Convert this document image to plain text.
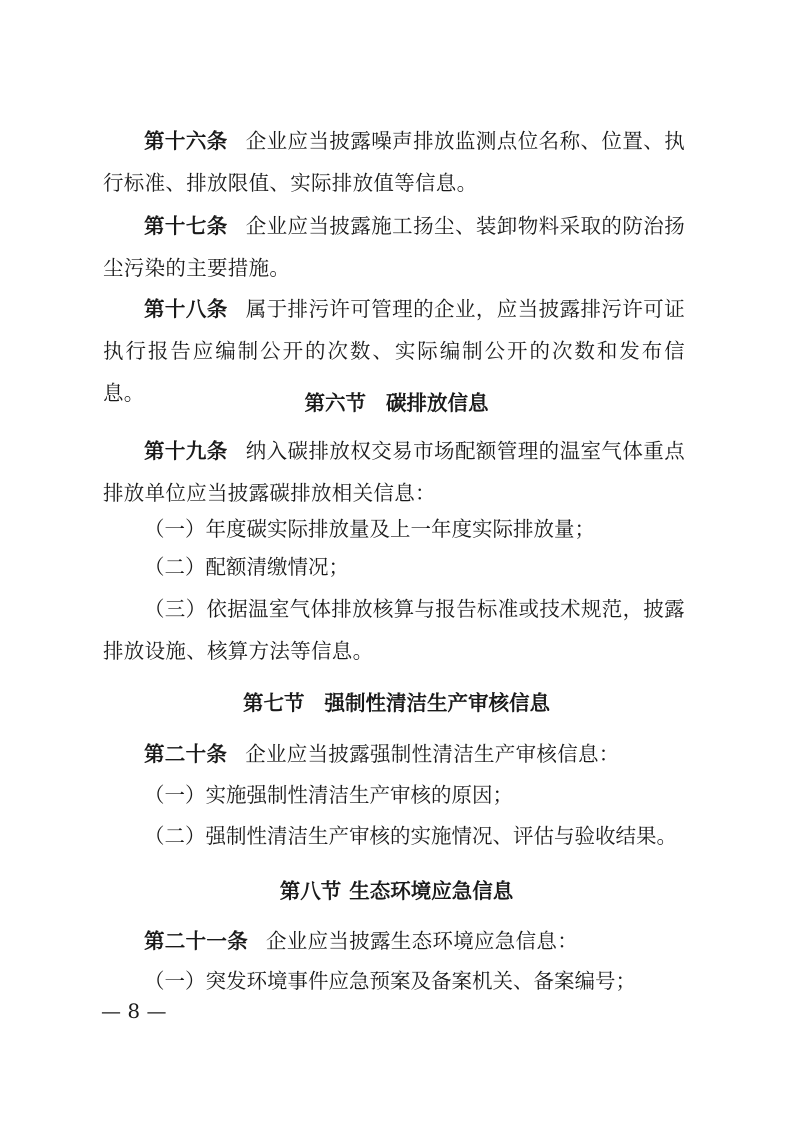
第十六条 企业应当披露噪声排放监测点位名称、位置、执行标准、排放限值、实际排放值等信息。

第十七条 企业应当披露施工扬尘、装卸物料采取的防治扬尘污染的主要措施。

第十八条 属于排污许可管理的企业，应当披露排污许可证执行报告应编制公开的次数、实际编制公开的次数和发布信息。	第六节 碳排放信息

第十九条 纳入碳排放权交易市场配额管理的温室气体重点排放单位应当披露碳排放相关信息：

（一）年度碳实际排放量及上一年度实际排放量；

（二）配额清缴情况；

（三）依据温室气体排放核算与报告标准或技术规范，披露排放设施、核算方法等信息。

第七节 强制性清洁生产审核信息

第二十条 企业应当披露强制性清洁生产审核信息：

（一）实施强制性清洁生产审核的原因；

（二）强制性清洁生产审核的实施情况、评估与验收结果。

第八节 生态环境应急信息

第二十一条 企业应当披露生态环境应急信息：

（一）突发环境事件应急预案及备案机关、备案编号；

— 8 —
